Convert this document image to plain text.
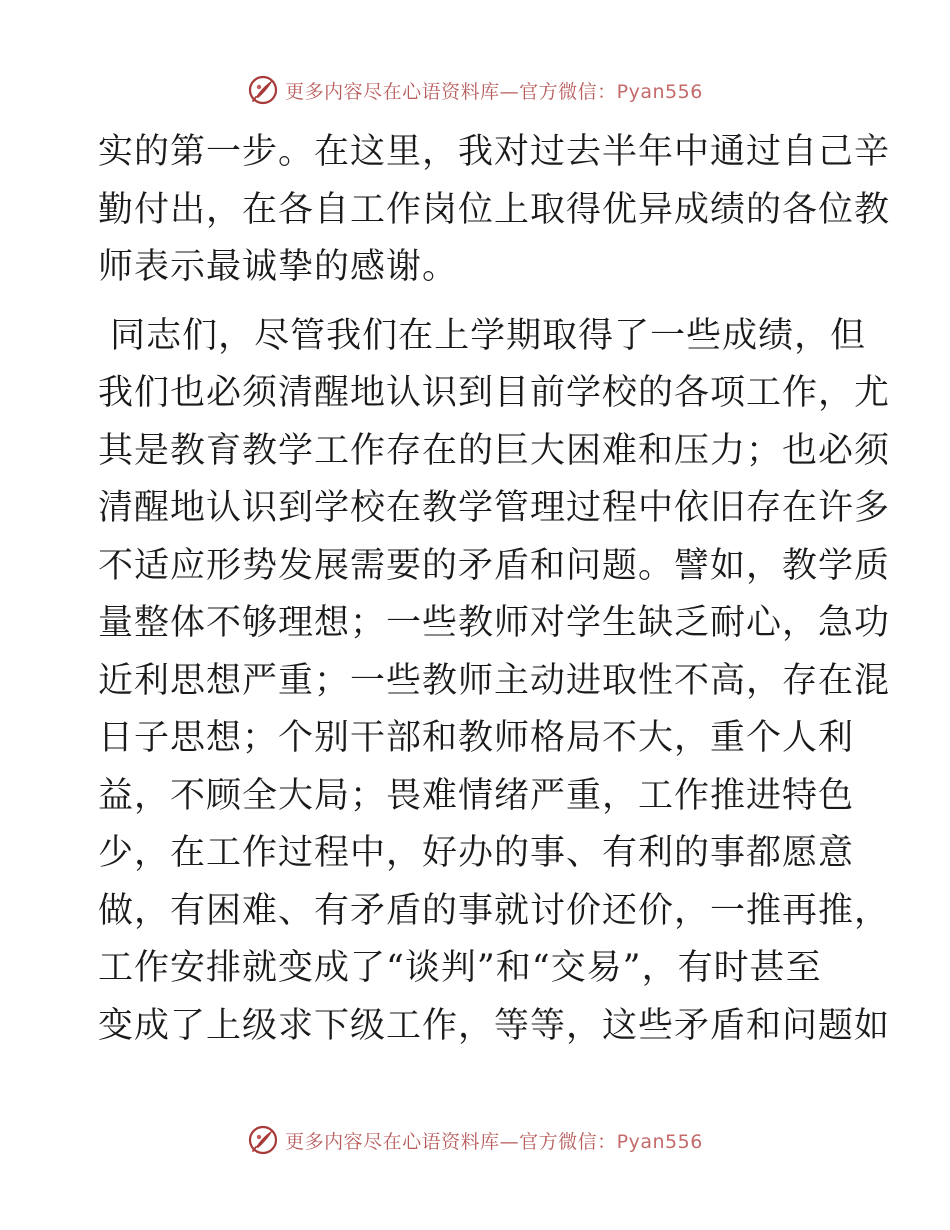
更多内容尽在心语资料库—官方微信：Pyan556
实的第一步。在这里，我对过去半年中通过自己辛
勤付出，在各自工作岗位上取得优异成绩的各位教
师表示最诚挚的感谢。
同志们，尽管我们在上学期取得了一些成绩，但
我们也必须清醒地认识到目前学校的各项工作，尤
其是教育教学工作存在的巨大困难和压力；也必须
清醒地认识到学校在教学管理过程中依旧存在许多
不适应形势发展需要的矛盾和问题。譬如，教学质
量整体不够理想；一些教师对学生缺乏耐心，急功
近利思想严重；一些教师主动进取性不高，存在混
日子思想；个别干部和教师格局不大，重个人利
益，不顾全大局；畏难情绪严重，工作推进特色
少，在工作过程中，好办的事、有利的事都愿意
做，有困难、有矛盾的事就讨价还价，一推再推，
工作安排就变成了“谈判”和“交易”，有时甚至
变成了上级求下级工作，等等，这些矛盾和问题如
更多内容尽在心语资料库—官方微信：Pyan556
